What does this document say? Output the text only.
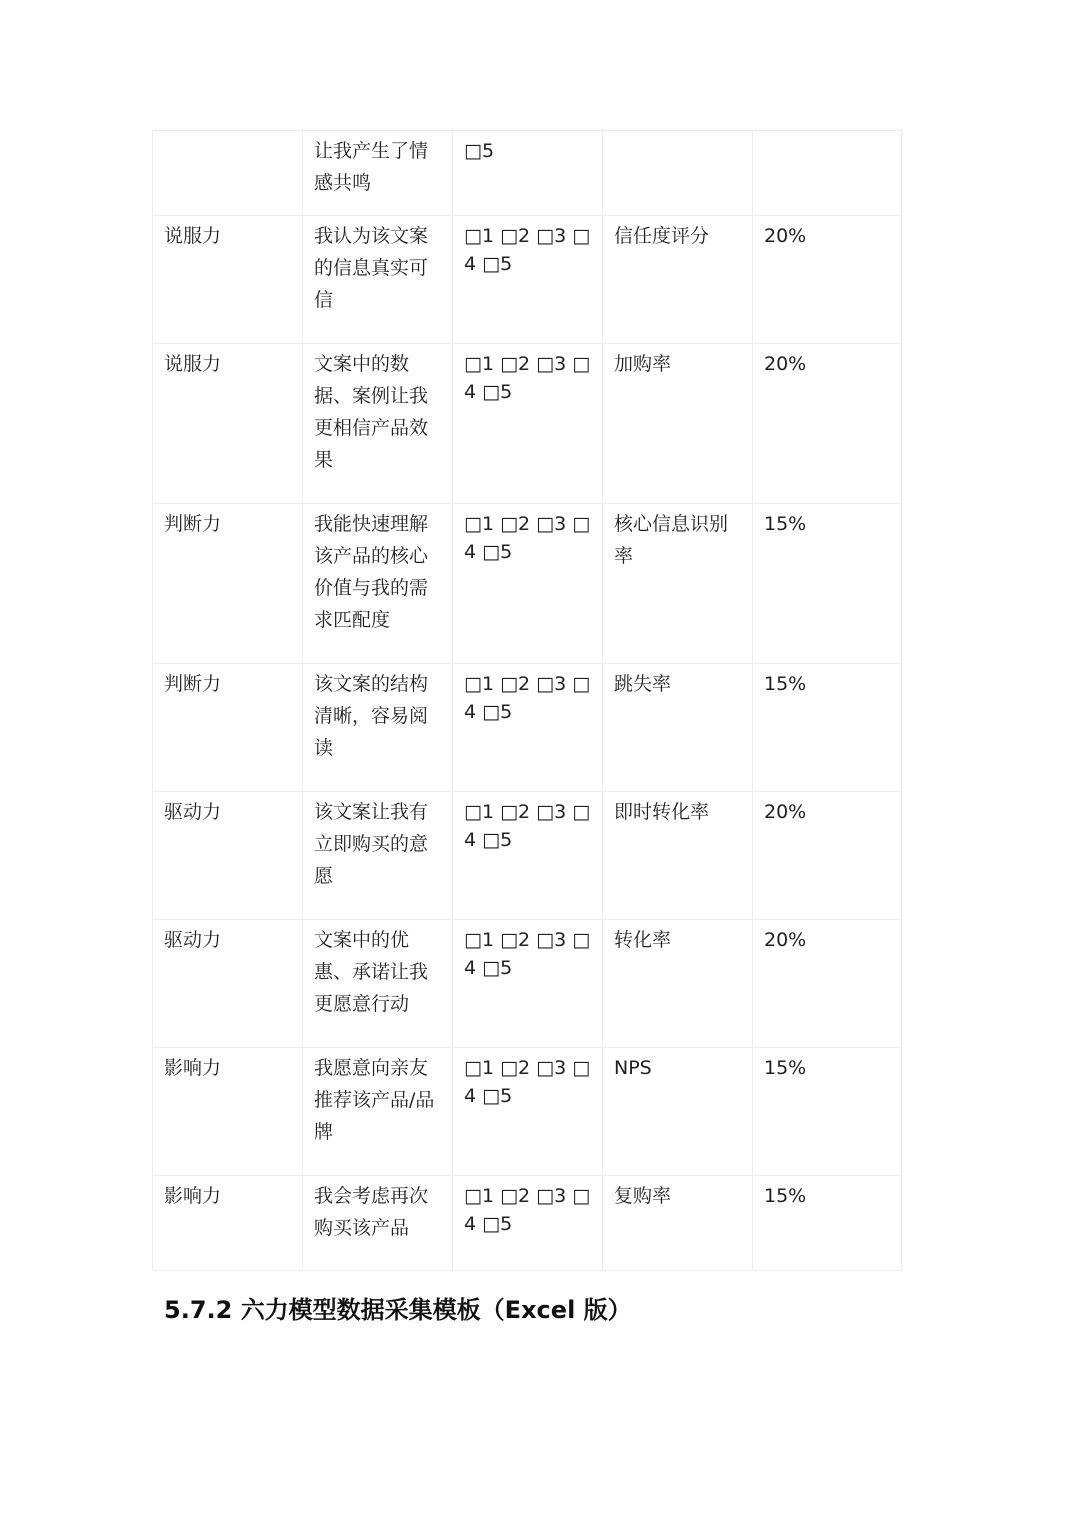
	让我产生了情感共鸣	□5		

说服力	我认为该文案的信息真实可信	□1 □2 □3 □4 □5	信任度评分	20%
说服力	文案中的数据、案例让我更相信产品效果	□1 □2 □3 □4 □5	加购率	20%
判断力	我能快速理解该产品的核心价值与我的需求匹配度	□1 □2 □3 □4 □5	核心信息识别率	15%
判断力	该文案的结构清晰，容易阅读	□1 □2 □3 □4 □5	跳失率	15%
驱动力	该文案让我有立即购买的意愿	□1 □2 □3 □4 □5	即时转化率	20%
驱动力	文案中的优惠、承诺让我更愿意行动	□1 □2 □3 □4 □5	转化率	20%
影响力	我愿意向亲友推荐该产品/品牌	□1 □2 □3 □4 □5	NPS	15%
影响力	我会考虑再次购买该产品	□1 □2 □3 □4 □5	复购率	15%
5.7.2 六力模型数据采集模板（Excel 版）
